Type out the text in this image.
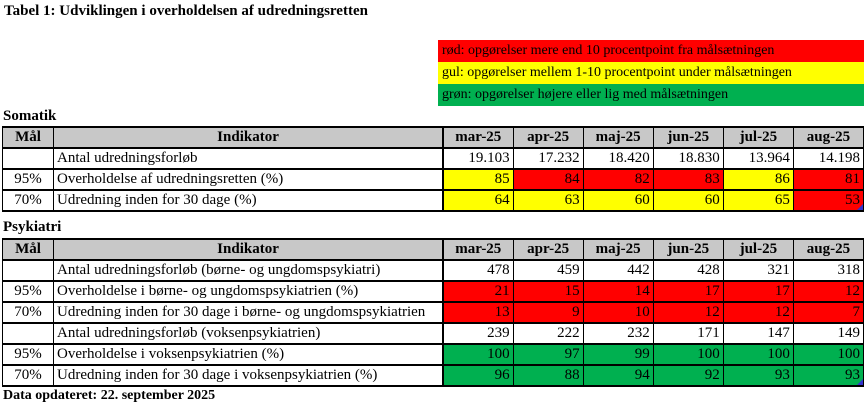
Tabel 1: Udviklingen i overholdelsen af udredningsretten
rød: opgørelser mere end 10 procentpoint fra målsætningen
gul: opgørelser mellem 1-10 procentpoint under målsætningen
grøn: opgørelser højere eller lig med målsætningen
Somatik
Mål	Indikator	mar-25	apr-25	maj-25	jun-25	jul-25	aug-25
	Antal udredningsforløb	19.103	17.232	18.420	18.830	13.964	14.198
95%	Overholdelse af udredningsretten (%)	85	84	82	83	86	81
70%	Udredning inden for 30 dage (%)	64	63	60	60	65	53
Psykiatri
Mål	Indikator	mar-25	apr-25	maj-25	jun-25	jul-25	aug-25
	Antal udredningsforløb (børne- og ungdomspsykiatri)	478	459	442	428	321	318
95%	Overholdelse i børne- og ungdomspsykiatrien (%)	21	15	14	17	17	12
70%	Udredning inden for 30 dage i børne- og ungdomspsykiatrien	13	9	10	12	12	7
	Antal udredningsforløb (voksenpsykiatrien)	239	222	232	171	147	149
95%	Overholdelse i voksenpsykiatrien (%)	100	97	99	100	100	100
70%	Udredning inden for 30 dage i voksenpsykiatrien (%)	96	88	94	92	93	93
Data opdateret: 22. september 2025
